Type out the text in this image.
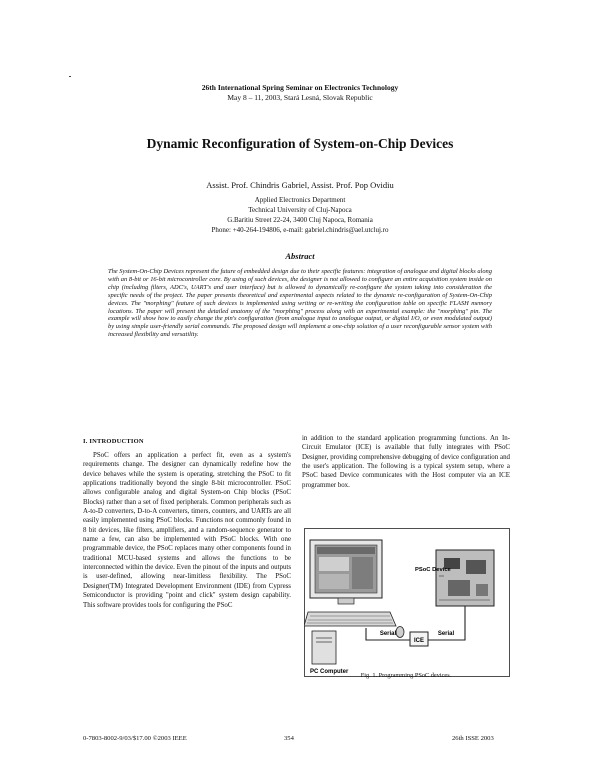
26th International Spring Seminar on Electronics Technology
May 8 – 11, 2003, Stará Lesná, Slovak Republic
Dynamic Reconfiguration of System-on-Chip Devices
Assist. Prof. Chindris Gabriel, Assist. Prof. Pop Ovidiu
Applied Electronics Department
Technical University of Cluj-Napoca
G.Baritiu Street 22-24, 3400 Cluj Napoca, Romania
Phone: +40-264-194806, e-mail: gabriel.chindris@ael.utcluj.ro
Abstract
The System-On-Chip Devices represent the future of embedded design due to their specific features: integration of analogue and digital blocks along with an 8-bit or 16-bit microcontroller core. By using of such devices, the designer is not allowed to configure an entire acquisition system inside on chip (including filters, ADC's, UART's and user interface) but is allowed to dynamically re-configure the system taking into consideration the specific needs of the project. The paper presents theoretical and experimental aspects related to the dynamic re-configuration of System-On-Chip devices. The "morphing" feature of such devices is implemented using writing or re-writing the configuration table on specific FLASH memory locations. The paper will present the detailed anatomy of the "morphing" process along with an experimental example: the "morphing" pin. The example will show how to easily change the pin's configuration (from analogue input to analogue output, or digital I/O, or even modulated output) by using simple user-friendly serial commands. The proposed design will implement a one-chip solution of a user reconfigurable sensor system with increased flexibility and versatility.
I. INTRODUCTION

PSoC offers an application a perfect fit, even as a system's requirements change. The designer can dynamically redefine how the device behaves while the system is operating, stretching the PSoC to fit applications traditionally beyond the single 8-bit microcontroller. PSoC allows configurable analog and digital System-on Chip blocks (PSoC Blocks) rather than a set of fixed peripherals. Common peripherals such as A-to-D converters, D-to-A converters, timers, counters, and UARTs are all easily implemented using PSoC blocks. Functions not commonly found in 8 bit devices, like filters, amplifiers, and a random-sequence generator to name a few, can also be implemented with PSoC blocks. With one programmable device, the PSoC replaces many other components found in traditional MCU-based systems and allows the functions to be interconnected within the device. Even the pinout of the inputs and outputs is user-defined, allowing near-limitless flexibility. The PSoC Designer(TM) Integrated Development Environment (IDE) from Cypress Semiconductor is providing "point and click" system design capability. This software provides tools for configuring the PSoC

in addition to the standard application programming functions. An In-Circuit Emulator (ICE) is available that fully integrates with PSoC Designer, providing comprehensive debugging of device configuration and the user's application. The following is a typical system setup, where a PSoC based Device communicates with the Host computer via an ICE programmer box.

ICE
Serial	Serial
PSoC Device
PC Computer	Fig. 1. Programming PSoC devices.
0-7803-8002-9/03/$17.00 ©2003 IEEE	354	26th ISSE 2003
